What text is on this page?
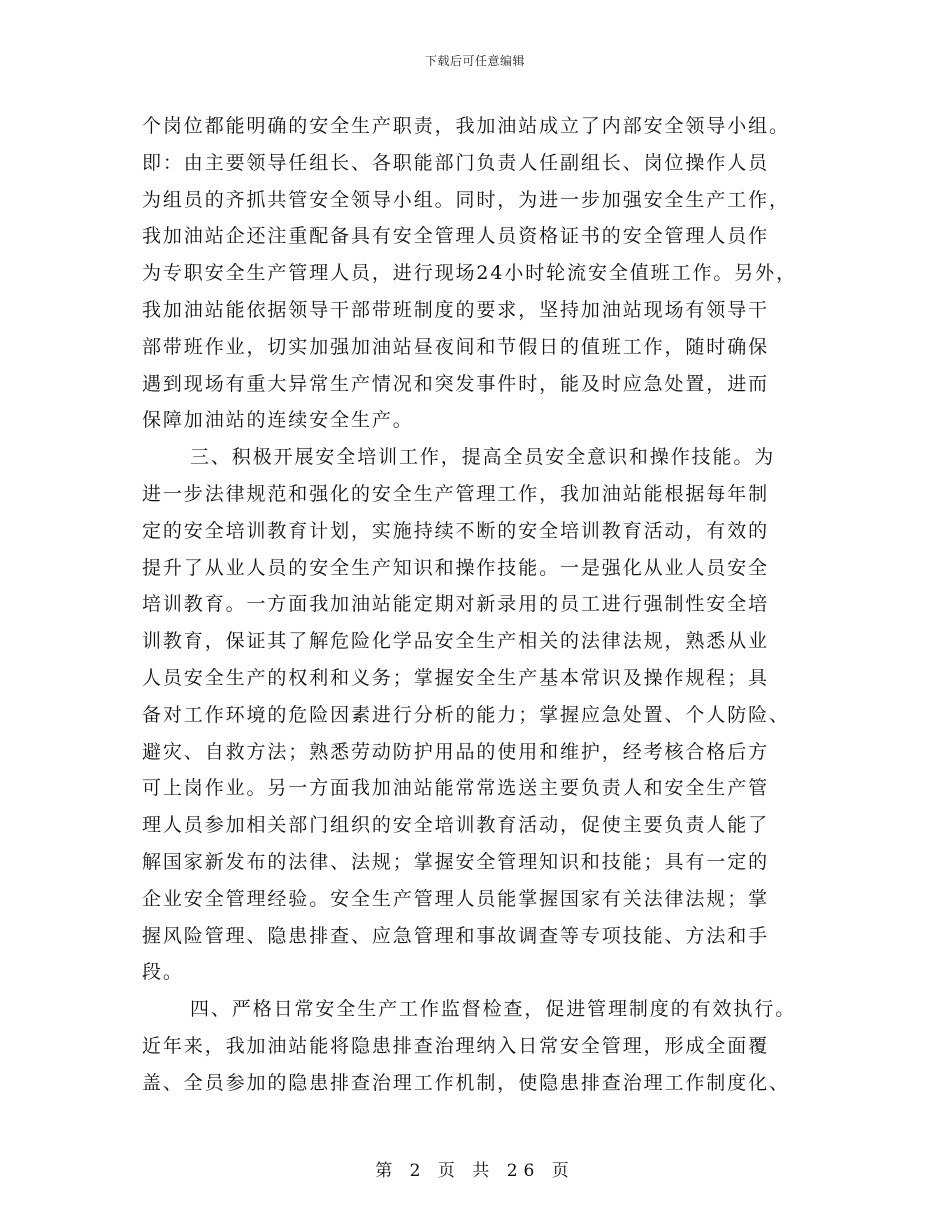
下载后可任意编辑
个岗位都能明确的安全生产职责，我加油站成立了内部安全领导小组。
即：由主要领导任组长、各职能部门负责人任副组长、岗位操作人员
为组员的齐抓共管安全领导小组。同时，为进一步加强安全生产工作，
我加油站企还注重配备具有安全管理人员资格证书的安全管理人员作
为专职安全生产管理人员，进行现场24小时轮流安全值班工作。另外，
我加油站能依据领导干部带班制度的要求，坚持加油站现场有领导干
部带班作业，切实加强加油站昼夜间和节假日的值班工作，随时确保
遇到现场有重大异常生产情况和突发事件时，能及时应急处置，进而
保障加油站的连续安全生产。
三、积极开展安全培训工作，提高全员安全意识和操作技能。为
进一步法律规范和强化的安全生产管理工作，我加油站能根据每年制
定的安全培训教育计划，实施持续不断的安全培训教育活动，有效的
提升了从业人员的安全生产知识和操作技能。一是强化从业人员安全
培训教育。一方面我加油站能定期对新录用的员工进行强制性安全培
训教育，保证其了解危险化学品安全生产相关的法律法规，熟悉从业
人员安全生产的权利和义务；掌握安全生产基本常识及操作规程；具
备对工作环境的危险因素进行分析的能力；掌握应急处置、个人防险、
避灾、自救方法；熟悉劳动防护用品的使用和维护，经考核合格后方
可上岗作业。另一方面我加油站能常常选送主要负责人和安全生产管
理人员参加相关部门组织的安全培训教育活动，促使主要负责人能了
解国家新发布的法律、法规；掌握安全管理知识和技能；具有一定的
企业安全管理经验。安全生产管理人员能掌握国家有关法律法规；掌
握风险管理、隐患排查、应急管理和事故调查等专项技能、方法和手
段。
四、严格日常安全生产工作监督检查，促进管理制度的有效执行。
近年来，我加油站能将隐患排查治理纳入日常安全管理，形成全面覆
盖、全员参加的隐患排查治理工作机制，使隐患排查治理工作制度化、
第 2 页 共 26 页
